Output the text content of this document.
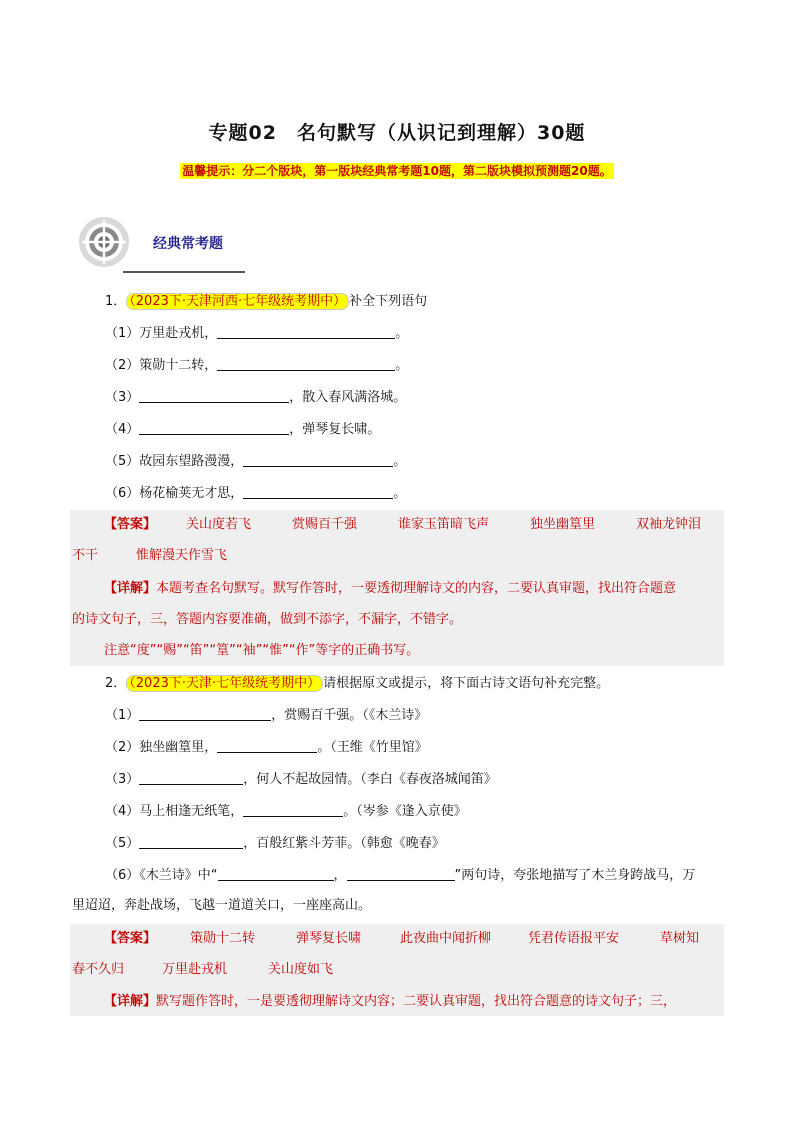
专题02　名句默写（从识记到理解）30题
温馨提示：分二个版块，第一版块经典常考题10题，第二版块模拟预测题20题。
经典常考题
1． （2023下·天津河西·七年级统考期中） 补全下列语句
（1）万里赴戎机，	。
（2）策勋十二转，	。
（3）	，散入春风满洛城。
（4）	，弹琴复长啸。
（5）故园东望路漫漫，	。
（6）杨花榆荚无才思，	。
【答案】 关山度若飞	赏赐百千强	谁家玉笛暗飞声	独坐幽篁里	双袖龙钟泪
不干	惟解漫天作雪飞
【详解】本题考查名句默写。默写作答时，一要透彻理解诗文的内容，二要认真审题，找出符合题意
的诗文句子，三，答题内容要准确，做到不添字，不漏字，不错字。
注意“度”“赐”“笛”“篁”“袖”“惟”“作”等字的正确书写。
2． （2023下·天津·七年级统考期中） 请根据原文或提示，将下面古诗文语句补充完整。
（1）	，赏赐百千强。（《木兰诗》
（2）独坐幽篁里，	。（王维《竹里馆》
（3）	，何人不起故园情。（李白《春夜洛城闻笛》
（4）马上相逢无纸笔，	。（岑参《逢入京使》
（5）	，百般红紫斗芳菲。（韩愈《晚春》
（6）《木兰诗》中“	，	”两句诗，夸张地描写了木兰身跨战马，万
里迢迢，奔赴战场，飞越一道道关口，一座座高山。
【答案】	策勋十二转	弹琴复长啸	此夜曲中闻折柳	凭君传语报平安	草树知
春不久归	万里赴戎机	关山度如飞
【详解】默写题作答时，一是要透彻理解诗文内容；二要认真审题，找出符合题意的诗文句子；三，
